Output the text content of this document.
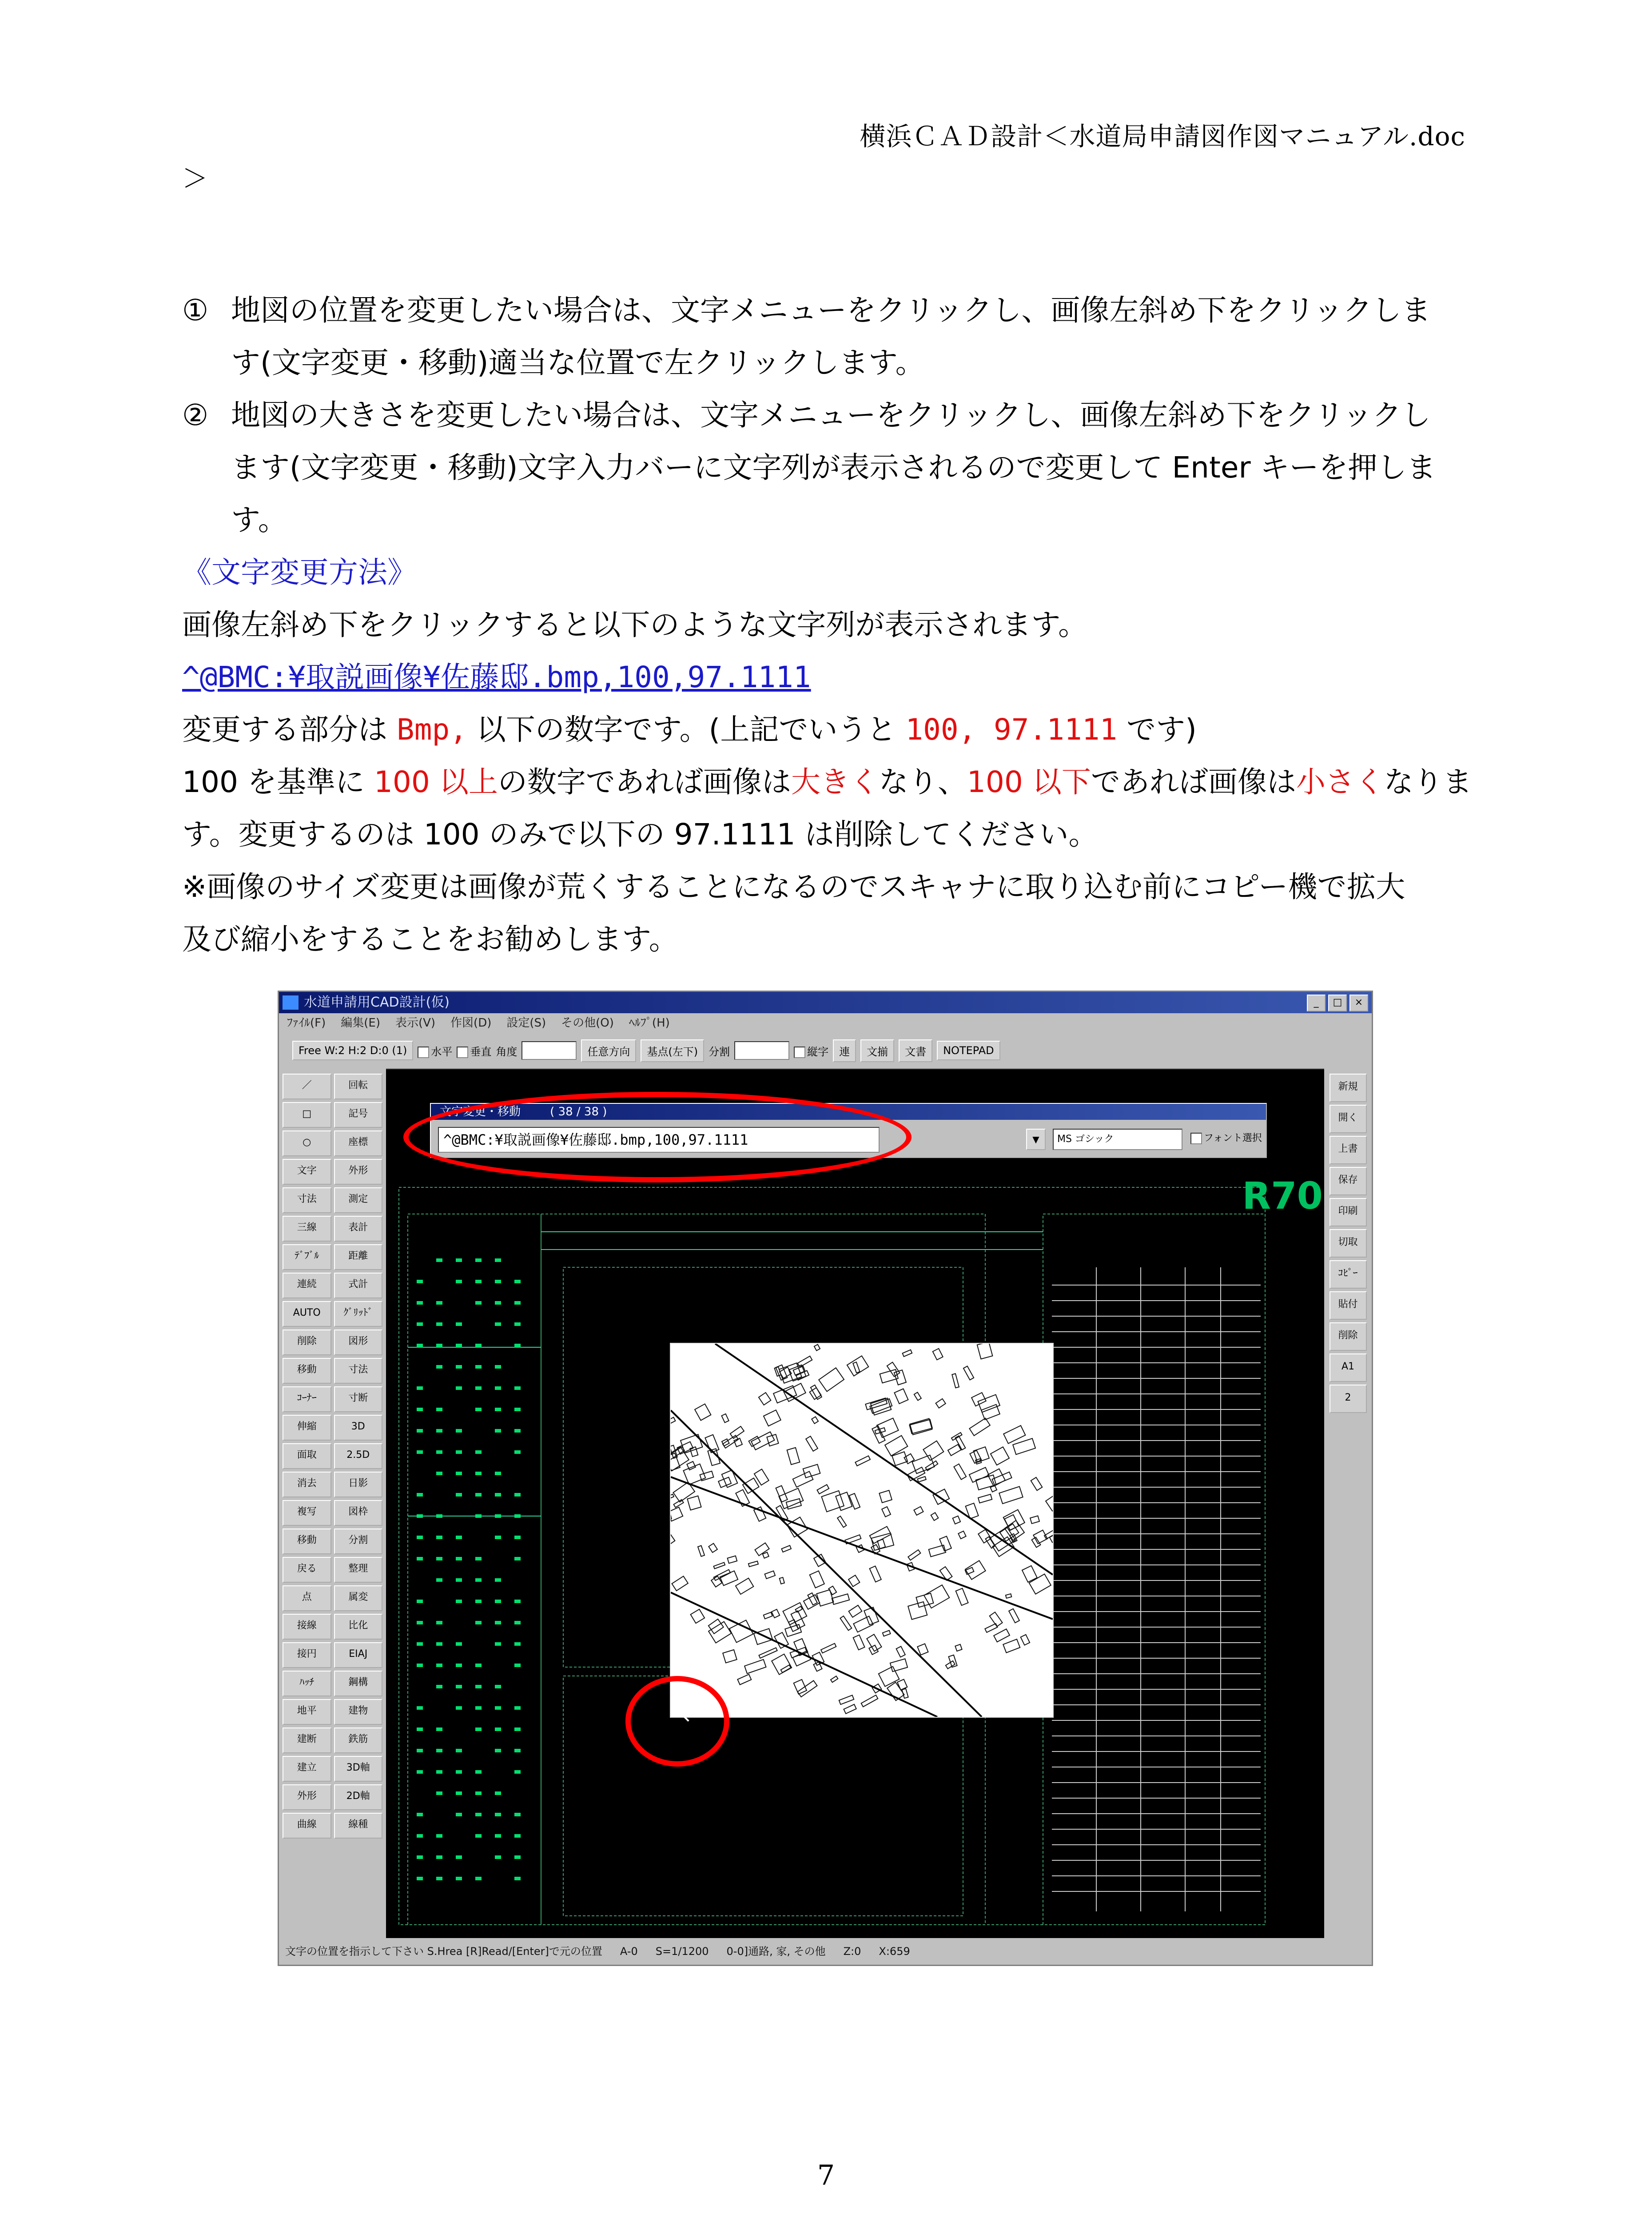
横浜ＣＡＤ設計＜水道局申請図作図マニュアル.doc
＞
① 地図の位置を変更したい場合は、文字メニューをクリックし、画像左斜め下をクリックしま
す(文字変更・移動)適当な位置で左クリックします。
② 地図の大きさを変更したい場合は、文字メニューをクリックし、画像左斜め下をクリックし
ます(文字変更・移動)文字入力バーに文字列が表示されるので変更して Enter キーを押しま
す。
《文字変更方法》
画像左斜め下をクリックすると以下のような文字列が表示されます。
^@BMC:¥取説画像¥佐藤邸.bmp,100,97.1111
変更する部分は Bmp, 以下の数字です。(上記でいうと 100, 97.1111 です)
100 を基準に 100 以上の数字であれば画像は大きくなり、100 以下であれば画像は小さくなりま
す。変更するのは 100 のみで以下の 97.1111 は削除してください。
※画像のサイズ変更は画像が荒くすることになるのでスキャナに取り込む前にコピー機で拡大
及び縮小をすることをお勧めします。
水道申請用CAD設計(仮)	_	□	×
ﾌｧｲﾙ(F) 編集(E) 表示(V) 作図(D) 設定(S) その他(O) ﾍﾙﾌﾟ(H)
Free W:2 H:2 D:0 (1)	水平	垂直 角度	任意方向	基点(左下)	分割	縦字	連	文揃	文書	NOTEPAD
／	回転
□	記号
○	座標
文字	外形
寸法	測定
三線	表計
ﾃﾞﾌﾞﾙ	距離
連続	式計
AUTO	ｸﾞﾘｯﾄﾞ
削除	図形
移動	寸法
ｺｰﾅｰ	寸断
伸縮	3D
面取	2.5D
消去	日影
複写	図枠
移動	分割
戻る	整理
点	属変
接線	比化
接円	EIAJ
ﾊｯﾁ	鋼構
地平	建物
建断	鉄筋
建立	3D軸
外形	2D軸
曲線	線種
新規
開く
上書
保存
印刷
切取
ｺﾋﾟｰ
貼付
削除
A1
2
R70
文字変更・移動        ( 38 / 38 )
^@BMC:¥取説画像¥佐藤邸.bmp,100,97.1111	▼	MS ゴシック	フォント選択
↖
文字の位置を指示して下さい S.Hrea [R]Read/[Enter]で元の位置 A-0 S=1/1200 0-0]通路, 家, その他 Z:0 X:659
7
